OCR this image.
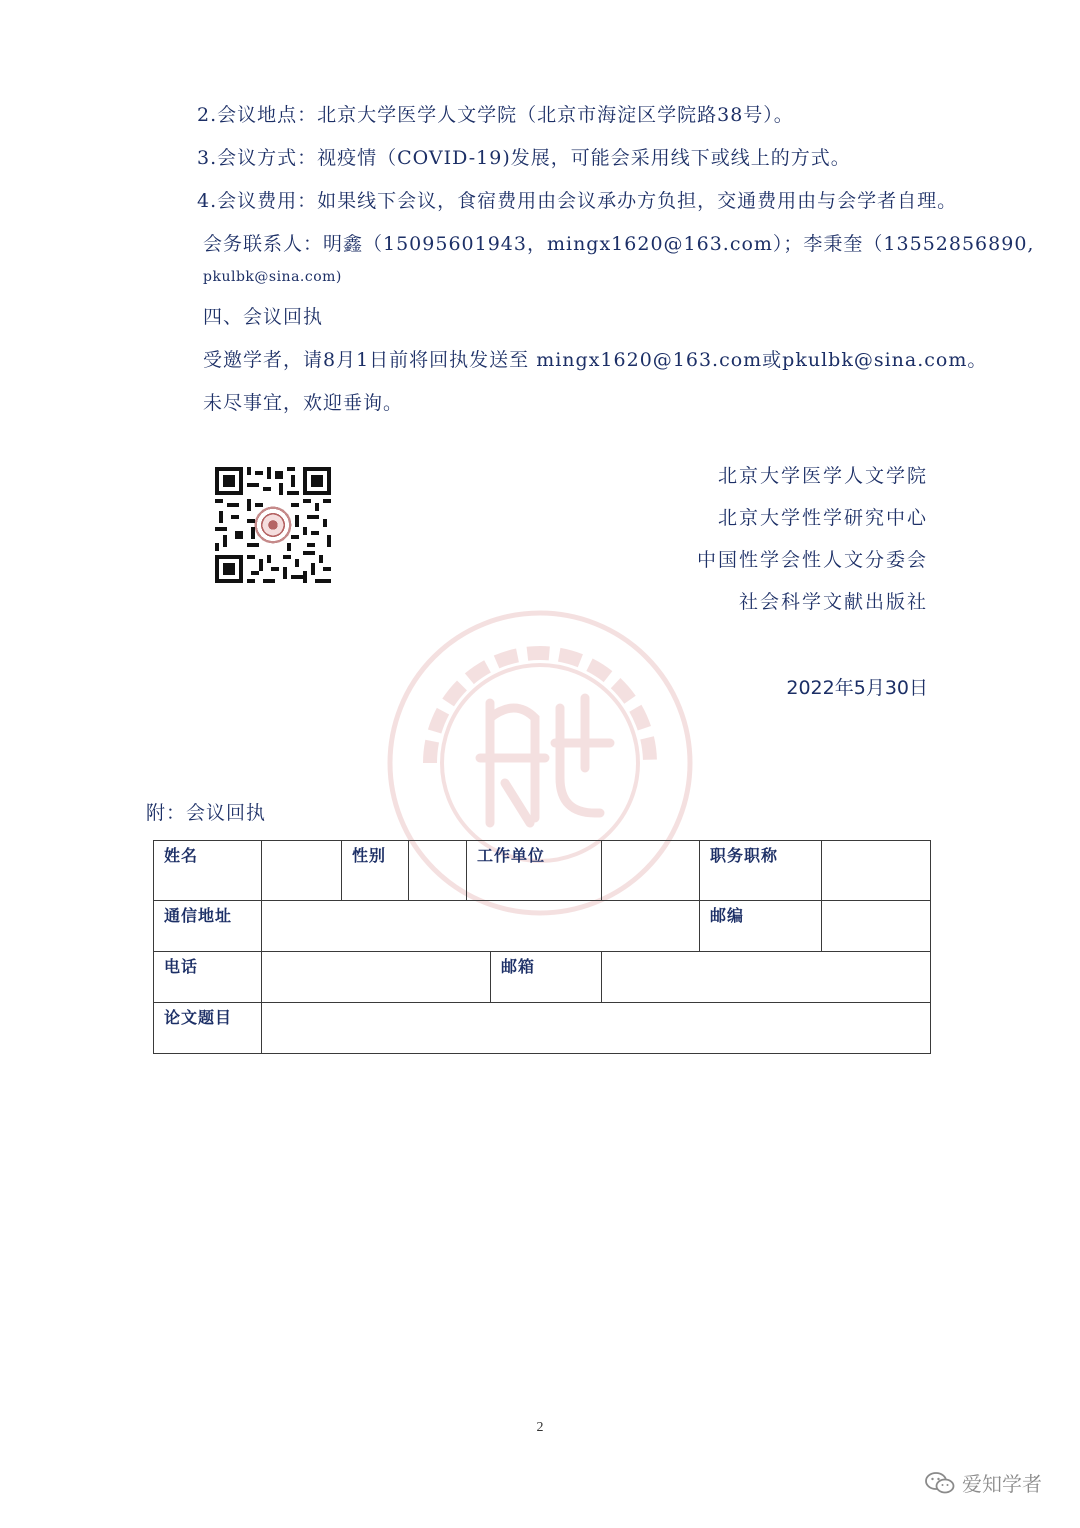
2.会议地点：北京大学医学人文学院（北京市海淀区学院路38号）。
3.会议方式：视疫情（COVID-19)发展，可能会采用线下或线上的方式。
4.会议费用：如果线下会议，食宿费用由会议承办方负担，交通费用由与会学者自理。
会务联系人：明鑫（15095601943，mingx1620@163.com）；李秉奎（13552856890,
pkulbk@sina.com)
四、会议回执
受邀学者，请8月1日前将回执发送至 mingx1620@163.com或pkulbk@sina.com。
未尽事宜，欢迎垂询。
北京大学医学人文学院
北京大学性学研究中心
中国性学会性人文分委会
社会科学文献出版社
2022年5月30日
附：会议回执
姓名		性别		工作单位			职务职称	
通信地址							邮编	
电话					邮箱			
论文题目								
2
爱知学者
